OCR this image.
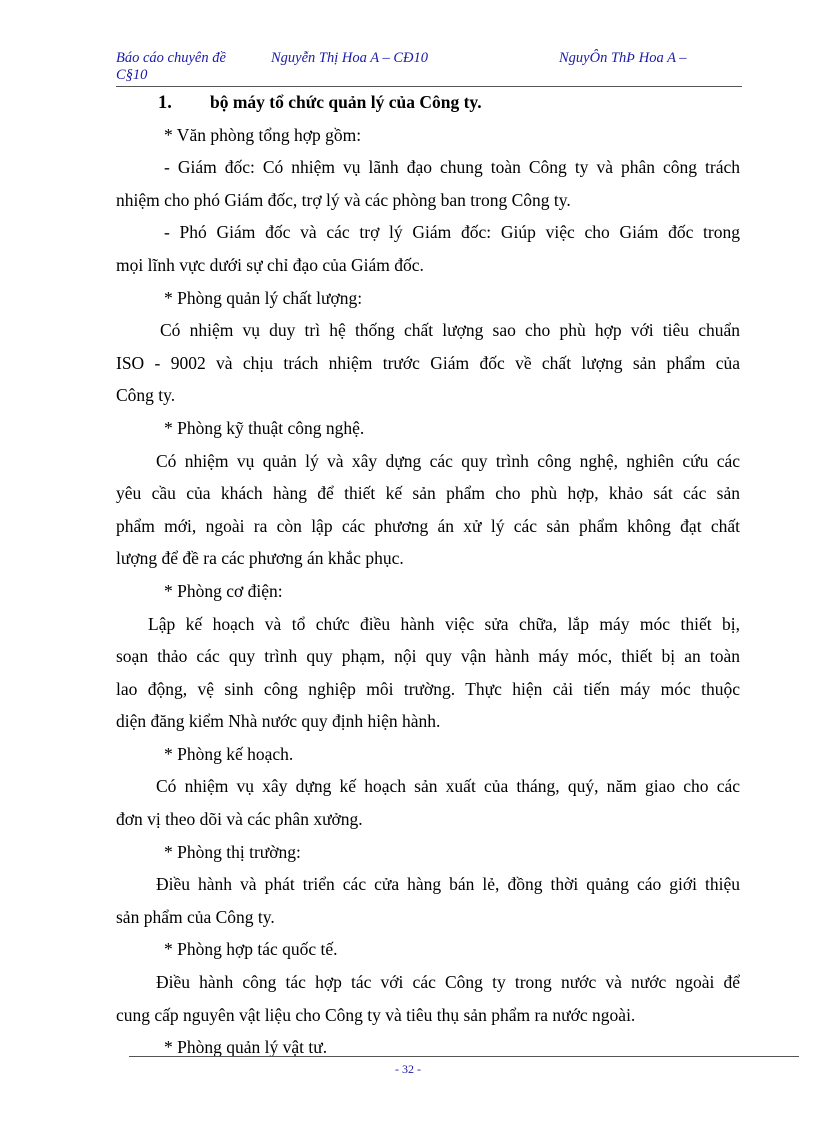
Báo cáo chuyên đề	Nguyễn Thị Hoa A – CĐ10	NguyÔn ThÞ Hoa A –
C§10
1. bộ máy tổ chức quản lý của Công ty.
* Văn phòng tổng hợp gồm:
- Giám đốc: Có nhiệm vụ lãnh đạo chung toàn Công ty và phân công trách
nhiệm cho phó Giám đốc, trợ lý và các phòng ban trong Công ty.
- Phó Giám đốc và các trợ lý Giám đốc: Giúp việc cho Giám đốc trong
mọi lĩnh vực dưới sự chỉ đạo của Giám đốc.
* Phòng quản lý chất lượng:
Có nhiệm vụ duy trì hệ thống chất lượng sao cho phù hợp với tiêu chuẩn
ISO - 9002 và chịu trách nhiệm trước Giám đốc về chất lượng sản phẩm của
Công ty.
* Phòng kỹ thuật công nghệ.
Có nhiệm vụ quản lý và xây dựng các quy trình công nghệ, nghiên cứu các
yêu cầu của khách hàng để thiết kế sản phẩm cho phù hợp, khảo sát các sản
phẩm mới, ngoài ra còn lập các phương án xử lý các sản phẩm không đạt chất
lượng để đề ra các phương án khắc phục.
* Phòng cơ điện:
Lập kế hoạch và tổ chức điều hành việc sửa chữa, lắp máy móc thiết bị,
soạn thảo các quy trình quy phạm, nội quy vận hành máy móc, thiết bị an toàn
lao động, vệ sinh công nghiệp môi trường. Thực hiện cải tiến máy móc thuộc
diện đăng kiểm Nhà nước quy định hiện hành.
* Phòng kế hoạch.
Có nhiệm vụ xây dựng kế hoạch sản xuất của tháng, quý, năm giao cho các
đơn vị theo dõi và các phân xưởng.
* Phòng thị trường:
Điều hành và phát triển các cửa hàng bán lẻ, đồng thời quảng cáo giới thiệu
sản phẩm của Công ty.
* Phòng hợp tác quốc tế.
Điều hành công tác hợp tác với các Công ty trong nước và nước ngoài để
cung cấp nguyên vật liệu cho Công ty và tiêu thụ sản phẩm ra nước ngoài.
* Phòng quản lý vật tư.
- 32 -
